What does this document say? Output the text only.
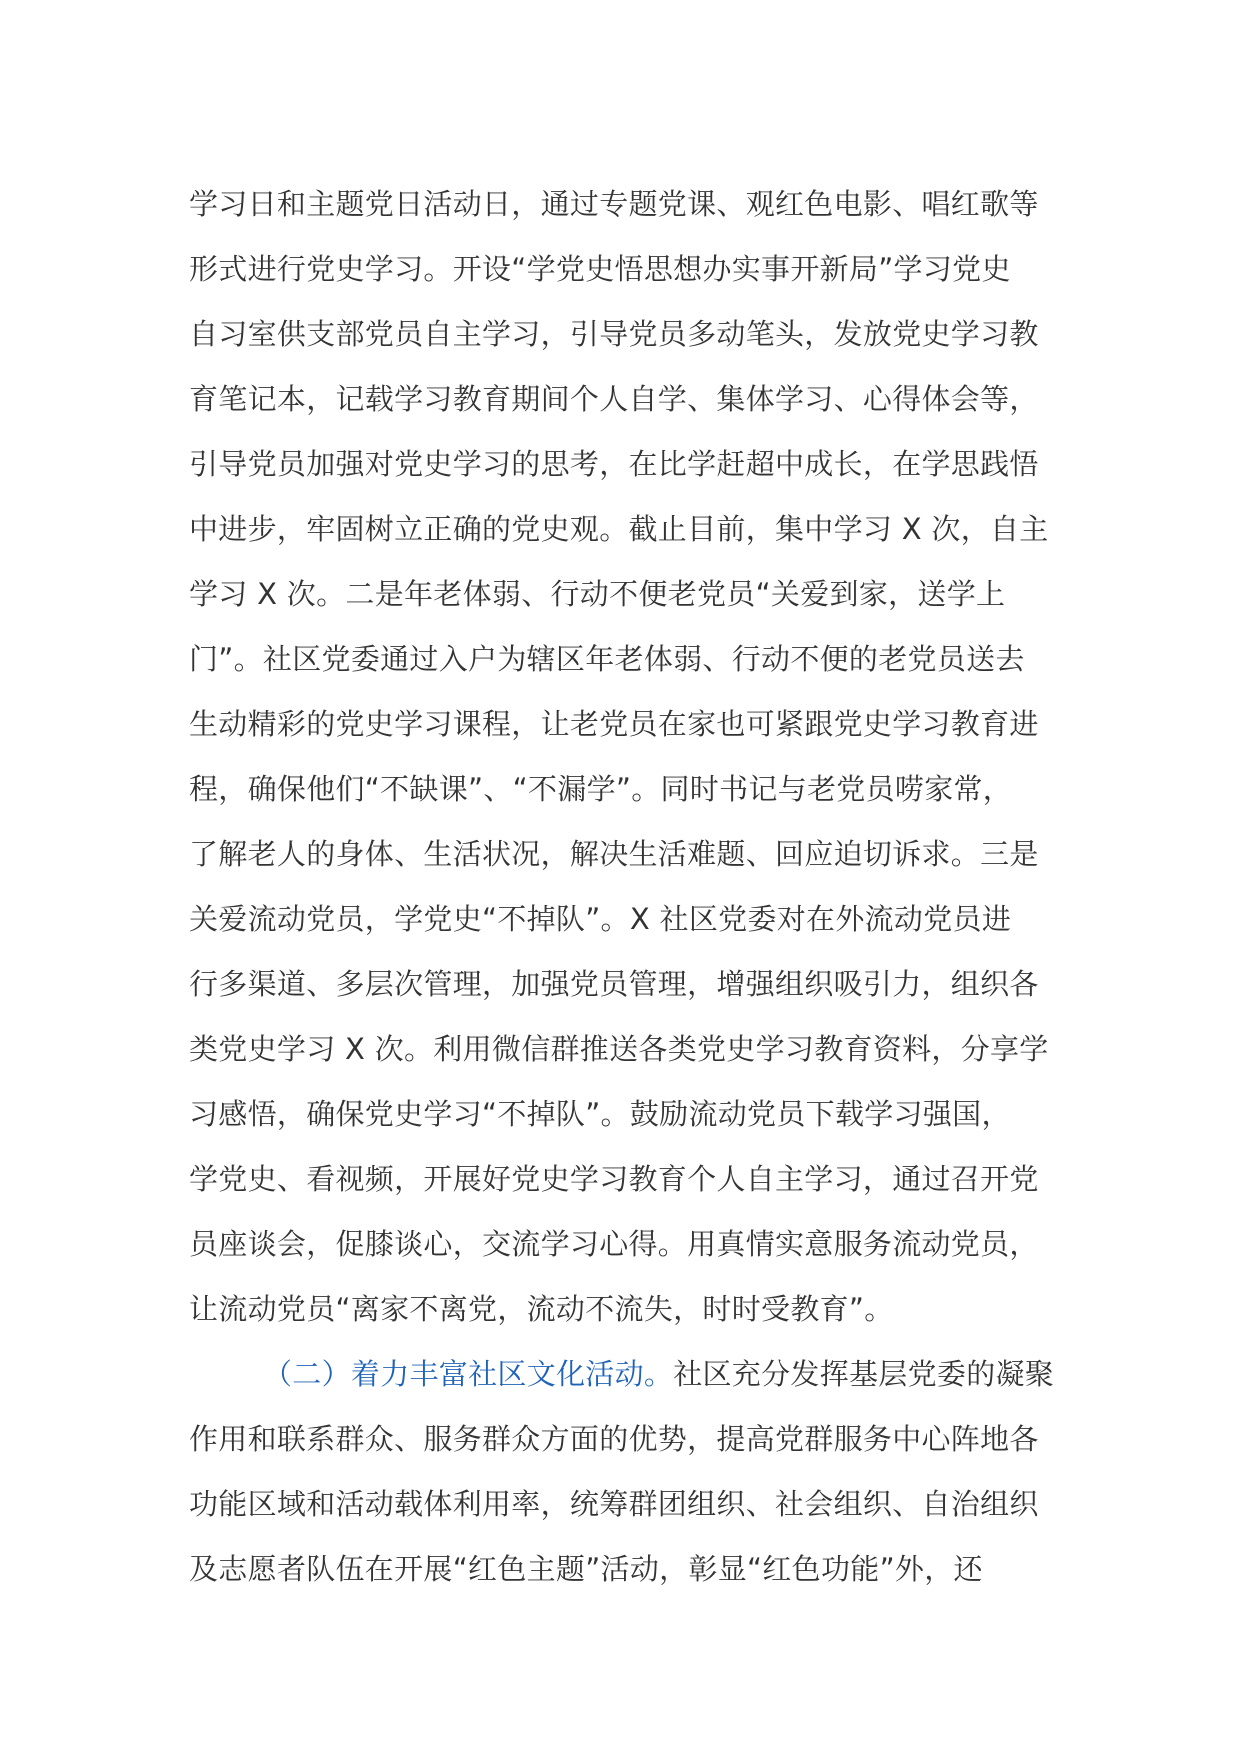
学习日和主题党日活动日，通过专题党课、观红色电影、唱红歌等
形式进行党史学习。开设“学党史悟思想办实事开新局”学习党史
自习室供支部党员自主学习，引导党员多动笔头，发放党史学习教
育笔记本，记载学习教育期间个人自学、集体学习、心得体会等，
引导党员加强对党史学习的思考，在比学赶超中成长，在学思践悟
中进步，牢固树立正确的党史观。截止目前，集中学习 X 次，自主
学习 X 次。二是年老体弱、行动不便老党员“关爱到家，送学上
门”。社区党委通过入户为辖区年老体弱、行动不便的老党员送去
生动精彩的党史学习课程，让老党员在家也可紧跟党史学习教育进
程，确保他们“不缺课”、“不漏学”。同时书记与老党员唠家常，
了解老人的身体、生活状况，解决生活难题、回应迫切诉求。三是
关爱流动党员，学党史“不掉队”。X 社区党委对在外流动党员进
行多渠道、多层次管理，加强党员管理，增强组织吸引力，组织各
类党史学习 X 次。利用微信群推送各类党史学习教育资料，分享学
习感悟，确保党史学习“不掉队”。鼓励流动党员下载学习强国，
学党史、看视频，开展好党史学习教育个人自主学习，通过召开党
员座谈会，促膝谈心，交流学习心得。用真情实意服务流动党员，
让流动党员“离家不离党，流动不流失，时时受教育”。
（二）着力丰富社区文化活动。社区充分发挥基层党委的凝聚
作用和联系群众、服务群众方面的优势，提高党群服务中心阵地各
功能区域和活动载体利用率，统筹群团组织、社会组织、自治组织
及志愿者队伍在开展“红色主题”活动，彰显“红色功能”外，还
